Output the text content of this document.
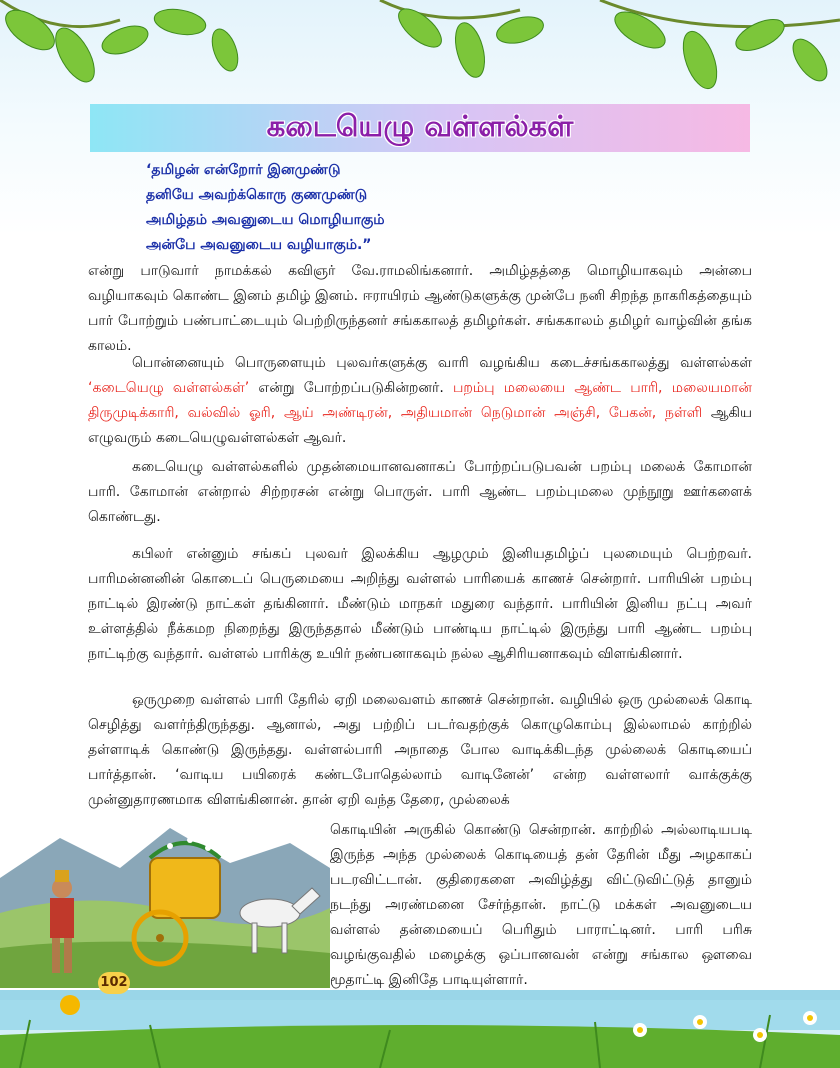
கடையெழு வள்ளல்கள்
‘தமிழன் என்றோர் இனமுண்டு
தனியே அவற்க்கொரு குணமுண்டு
அமிழ்தம் அவனுடைய மொழியாகும்
அன்பே அவனுடைய வழியாகும்.”

என்று பாடுவார் நாமக்கல் கவிஞர் வே.ராமலிங்கனார். அமிழ்தத்தை மொழியாகவும் அன்பை வழியாகவும் கொண்ட இனம் தமிழ் இனம். ஈராயிரம் ஆண்டுகளுக்கு முன்பே நனி சிறந்த நாகரிகத்தையும் பார் போற்றும் பண்பாட்டையும் பெற்றிருந்தனர் சங்ககாலத் தமிழர்கள். சங்ககாலம் தமிழர் வாழ்வின் தங்க காலம்.

பொன்னையும் பொருளையும் புலவர்களுக்கு வாரி வழங்கிய கடைச்சங்ககாலத்து வள்ளல்கள் ‘கடையெழு வள்ளல்கள்’ என்று போற்றப்படுகின்றனர். பறம்பு மலையை ஆண்ட பாரி, மலையமான் திருமுடிக்காரி, வல்வில் ஓரி, ஆய் அண்டிரன், அதியமான் நெடுமான் அஞ்சி, பேகன், நள்ளி ஆகிய எழுவரும் கடையெழுவள்ளல்கள் ஆவர்.

கடையெழு வள்ளல்களில் முதன்மையானவனாகப் போற்றப்படுபவன் பறம்பு மலைக் கோமான் பாரி. கோமான் என்றால் சிற்றரசன் என்று பொருள். பாரி ஆண்ட பறம்புமலை முந்நூறு ஊர்களைக் கொண்டது.

கபிலர் என்னும் சங்கப் புலவர் இலக்கிய ஆழமும் இனியதமிழ்ப் புலமையும் பெற்றவர். பாரிமன்னனின் கொடைப் பெருமையை அறிந்து வள்ளல் பாரியைக் காணச் சென்றார். பாரியின் பறம்பு நாட்டில் இரண்டு நாட்கள் தங்கினார். மீண்டும் மாநகர் மதுரை வந்தார். பாரியின் இனிய நட்பு அவர் உள்ளத்தில் நீக்கமற நிறைந்து இருந்ததால் மீண்டும் பாண்டிய நாட்டில் இருந்து பாரி ஆண்ட பறம்பு நாட்டிற்கு வந்தார். வள்ளல் பாரிக்கு உயிர் நண்பனாகவும் நல்ல ஆசிரியனாகவும் விளங்கினார்.

ஒருமுறை வள்ளல் பாரி தேரில் ஏறி மலைவளம் காணச் சென்றான். வழியில் ஒரு முல்லைக் கொடி செழித்து வளர்ந்திருந்தது. ஆனால், அது பற்றிப் படர்வதற்குக் கொழுகொம்பு இல்லாமல் காற்றில் தள்ளாடிக் கொண்டு இருந்தது. வள்ளல்பாரி அநாதை போல வாடிக்கிடந்த முல்லைக் கொடியைப் பார்த்தான். ‘வாடிய பயிரைக் கண்டபோதெல்லாம் வாடினேன்’ என்ற வள்ளலார் வாக்குக்கு முன்னுதாரணமாக விளங்கினான். தான் ஏறி வந்த தேரை, முல்லைக்

கொடியின் அருகில் கொண்டு சென்றான். காற்றில் அல்லாடியபடி இருந்த அந்த முல்லைக் கொடியைத் தன் தேரின் மீது அழகாகப் படரவிட்டான். குதிரைகளை அவிழ்த்து விட்டுவிட்டுத் தானும் நடந்து அரண்மனை சேர்ந்தான். நாட்டு மக்கள் அவனுடைய வள்ளல் தன்மையைப் பெரிதும் பாராட்டினர். பாரி பரிசு வழங்குவதில் மழைக்கு ஒப்பானவன் என்று சங்கால ஔவை மூதாட்டி இனிதே பாடியுள்ளார்.

102
